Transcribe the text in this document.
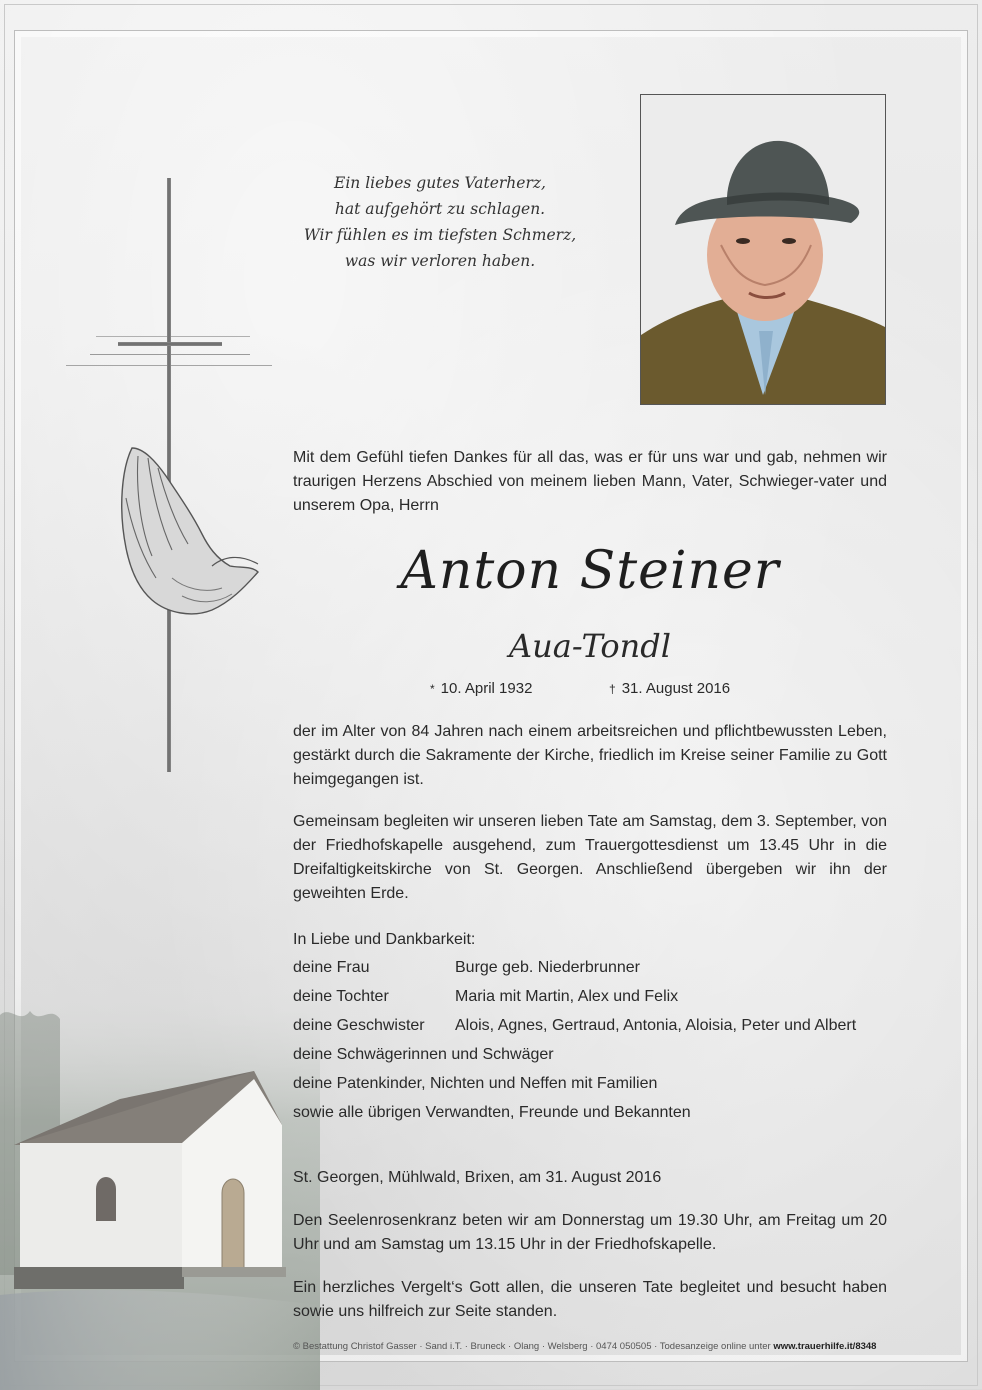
Ein liebes gutes Vaterherz,
hat aufgehört zu schlagen.
Wir fühlen es im tiefsten Schmerz,
was wir verloren haben.
Mit dem Gefühl tiefen Dankes für all das, was er für uns war und gab, nehmen wir traurigen Herzens Abschied von meinem lieben Mann, Vater, Schwieger-vater und unserem Opa, Herrn
Anton Steiner
Aua-Tondl
* 10. April 1932	† 31. August 2016
der im Alter von 84 Jahren nach einem arbeitsreichen und pflichtbewussten Leben, gestärkt durch die Sakramente der Kirche, friedlich im Kreise seiner Familie zu Gott heimgegangen ist.
Gemeinsam begleiten wir unseren lieben Tate am Samstag, dem 3. September, von der Friedhofskapelle ausgehend, zum Trauergottesdienst um 13.45 Uhr in die Dreifaltigkeitskirche von St. Georgen. Anschließend übergeben wir ihn der geweihten Erde.
In Liebe und Dankbarkeit:
deine Frau	Burge geb. Niederbrunner
deine Tochter	Maria mit Martin, Alex und Felix
deine Geschwister	Alois, Agnes, Gertraud, Antonia, Aloisia, Peter und Albert
deine Schwägerinnen und Schwäger
deine Patenkinder, Nichten und Neffen mit Familien
sowie alle übrigen Verwandten, Freunde und Bekannten
St. Georgen, Mühlwald, Brixen, am 31. August 2016
Den Seelenrosenkranz beten wir am Donnerstag um 19.30 Uhr, am Freitag um 20 Uhr und am Samstag um 13.15 Uhr in der Friedhofskapelle.
Ein herzliches Vergelt‘s Gott allen, die unseren Tate begleitet und besucht haben sowie uns hilfreich zur Seite standen.
© Bestattung Christof Gasser · Sand i.T. · Bruneck · Olang · Welsberg · 0474 050505 · Todesanzeige online unter www.trauerhilfe.it/8348
